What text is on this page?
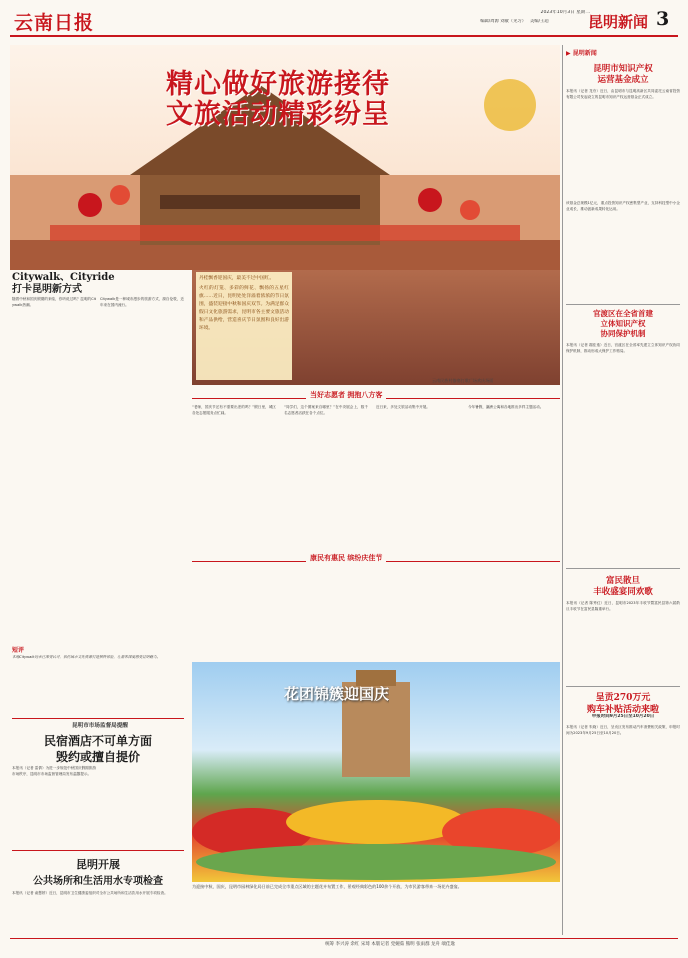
云南日报	2023年10月3日 星期二
编辑/周源 刘敏（见习） 美编/王超	昆明新闻 3
精心做好旅游接待
文旅活动精彩纷呈
丹桂飘香迎国庆，最美不过中国红。
火红的灯笼、多彩的鲜花、飘扬的五星红旗……近日，昆明处处洋溢着浓浓的节日氛围，盛装迎接中秋和国庆双节。为满足群众假日文化旅游需求，昆明市各主要文旅活动和产品供给，营造喜庆节日氛围和良好出游环境。
云南民族村傣寨打歌广场欢庆场面
Citywalk、Cityride
打卡昆明新方式
随着中秋和国庆假期的来临，你听说过吗？昆明的Citywalk热潮。
Citywalk是一种城市漫步的旅游方式，源自伦敦，近年来在国内流行。
短评
本地Citywalk近来已深受认可，依托城市文化资源打造独特体验，让游客深度感受昆明魅力。
当好志愿者 拥抱八方客
“老师，国庆节还有不需要出差的吗？”假日里，城区各处志愿服务点忙碌。
“同学们，这个图案来自哪里？”在中央展会上，数千名志愿者活跃在各个点位。
近日来，多处文旅活动集中开展。	今年暑假，瀛洲公寓和各地推出多样主题活动。
康民有惠民 缤纷庆佳节
花团锦簇迎国庆
为迎接中秋、国庆，昆明市园林绿化局日前已完成全市重点区域的主题花卉布置工作，景观经典彩色的100余个开放，为市民游客带来一场花卉盛宴。
昆明市市场监督局提醒
民宿酒店不可单方面
毁约或擅自提价
本报讯（记者 雷倩）为进一步规范中秋国庆假期旅游市场秩序，昆明市市场监督管理局发布温馨提示。
昆明开展
公共场所和生活用水专项检查
本报讯（记者 俞慧婷）近日，昆明市卫生健康委组织对全市公共场所和生活饮用水开展专项检查。
▶ 昆明新闻
昆明市知识产权
运营基金成立
本报讯（记者 龙舟）近日，由昆明市与昆明高新区共同委托云南省投资有限公司发起设立的昆明市知识产权运营基金正式成立。
该基金总规模1亿元，重点投资知识产权密集型产业，支持科技型中小企业成长，推动创新成果转化运用。
官渡区在全省首建
立体知识产权
协同保护机制
本报讯（记者 端佳逸）近日，官渡区在全省率先建立立体知识产权协同保护机制，推动形成大保护工作格局。
富民散旦
丰收盛宴同欢歌
本报讯（记者 陈秀红）近日，昆明市2023年丰收节暨富民县第六届散旦丰收节在富民县隆重举行。
呈贡270万元
购车补贴活动来啦
申报时间9月25日至10月20日
本报讯（记者 朱晓）近日，呈贡区发布推动汽车消费相关政策，申报时间为2023年9月25日至10月20日。
统筹 李兴涛 余红 宋琦 本版记者 党婉茹 熊明 张雨群 龙舟 端佳逸
